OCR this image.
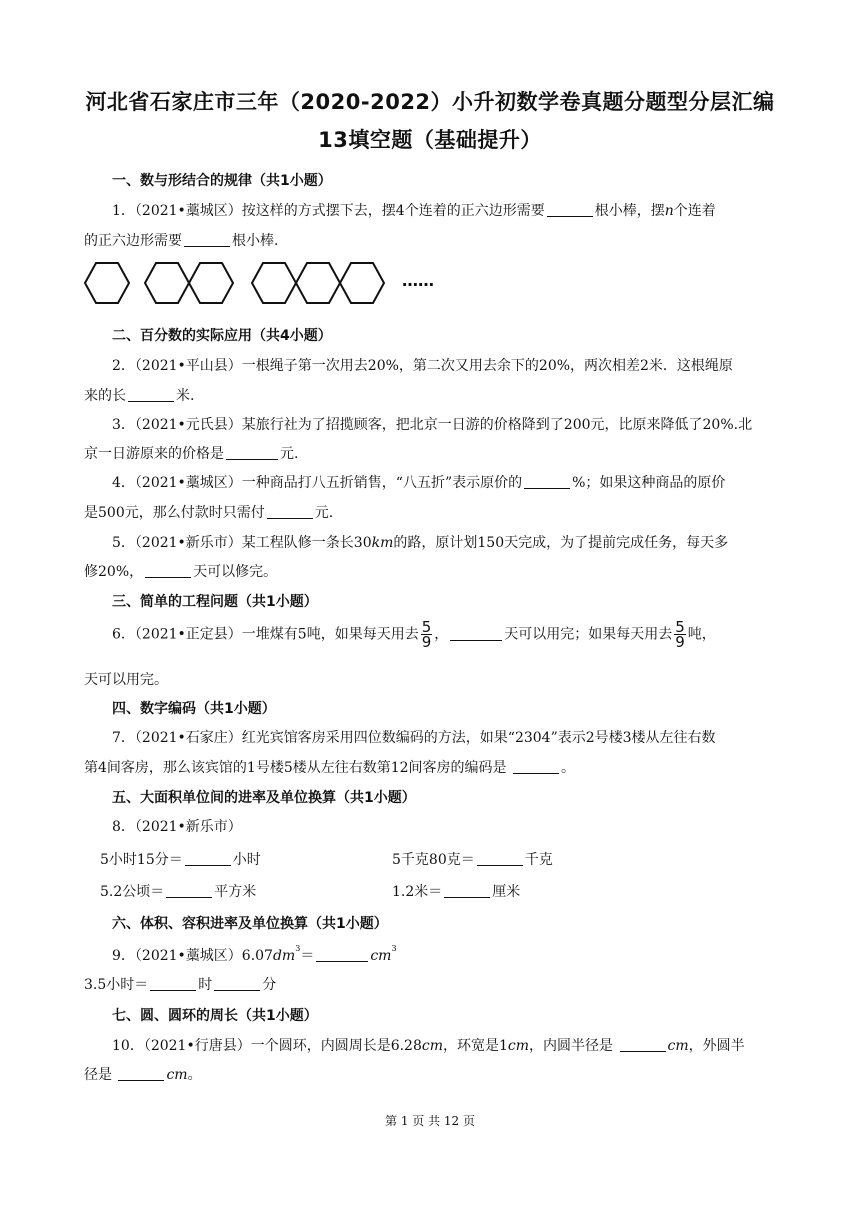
河北省石家庄市三年（2020-2022）小升初数学卷真题分题型分层汇编
13填空题（基础提升）
一、数与形结合的规律（共1小题）
1．（2021•藁城区）按这样的方式摆下去，摆4个连着的正六边形需要	根小棒，摆n个连着
的正六边形需要	根小棒.
……
二、百分数的实际应用（共4小题）
2．（2021•平山县）一根绳子第一次用去20%，第二次又用去余下的20%，两次相差2米．这根绳原
来的长	米.
3．（2021•元氏县）某旅行社为了招揽顾客，把北京一日游的价格降到了200元，比原来降低了20%.北
京一日游原来的价格是	元.
4．（2021•藁城区）一种商品打八五折销售，“八五折”表示原价的	%；如果这种商品的原价
是500元，那么付款时只需付	元.
5．（2021•新乐市）某工程队修一条长30km的路，原计划150天完成，为了提前完成任务，每天多
修20%，	天可以修完。
三、简单的工程问题（共1小题）
6．（2021•正定县）一堆煤有5吨，如果每天用去 $\frac{5}{9}$ ，	天可以用完；如果每天用去 $\frac{5}{9}$ 吨，
天可以用完。
四、数字编码（共1小题）
7．（2021•石家庄）红光宾馆客房采用四位数编码的方法，如果“2304”表示2号楼3楼从左往右数
第4间客房，那么该宾馆的1号楼5楼从左往右数第12间客房的编码是	。
五、大面积单位间的进率及单位换算（共1小题）
8．（2021•新乐市）
5小时15分＝	小时	5千克80克＝	千克
5.2公顷＝	平方米	1.2米＝	厘米
六、体积、容积进率及单位换算（共1小题）
9．（2021•藁城区）$6.07dm^3=$	$cm^3$
3.5小时＝	时	分
七、圆、圆环的周长（共1小题）
10．（2021•行唐县）一个圆环，内圆周长是6.28cm，环宽是1cm，内圆半径是	cm，外圆半
径是	cm。
第 1 页 共 12 页
